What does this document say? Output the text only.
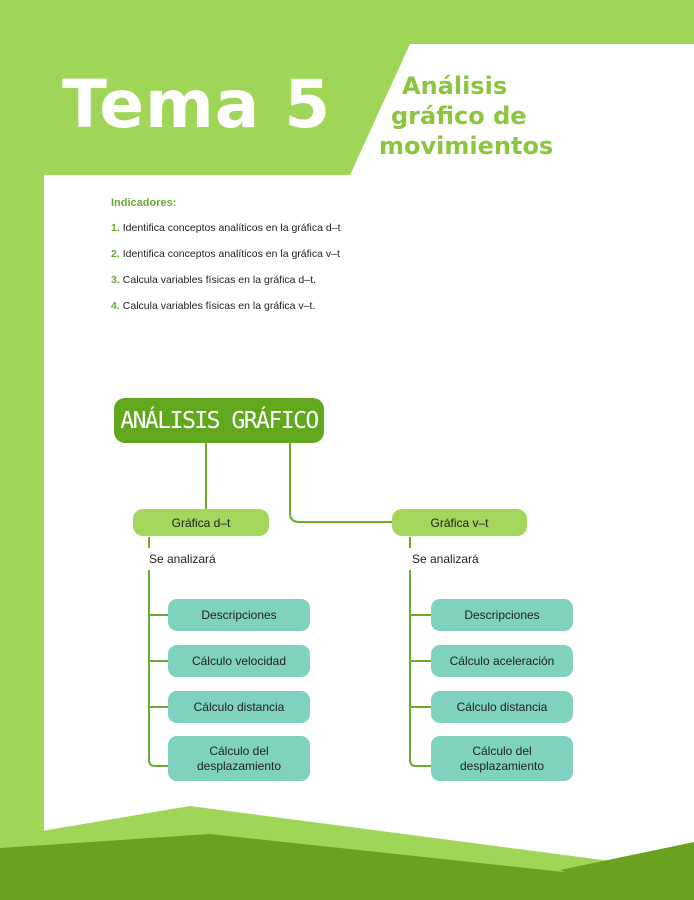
Tema 5	Análisis
gráfico de
movimientos
Indicadores:
1. Identifica conceptos analíticos en la gráfica d–t
2. Identifica conceptos analíticos en la gráfica v–t
3. Calcula variables físicas en la gráfica d–t.
4. Calcula variables físicas en la gráfica v–t.
ANÁLISIS GRÁFICO
Gráfica d–t	Gráfica v–t
Se analizará	Se analizará
Descripciones
Cálculo velocidad
Cálculo distancia
Cálculo del
desplazamiento
Descripciones
Cálculo aceleración
Cálculo distancia
Cálculo del
desplazamiento
